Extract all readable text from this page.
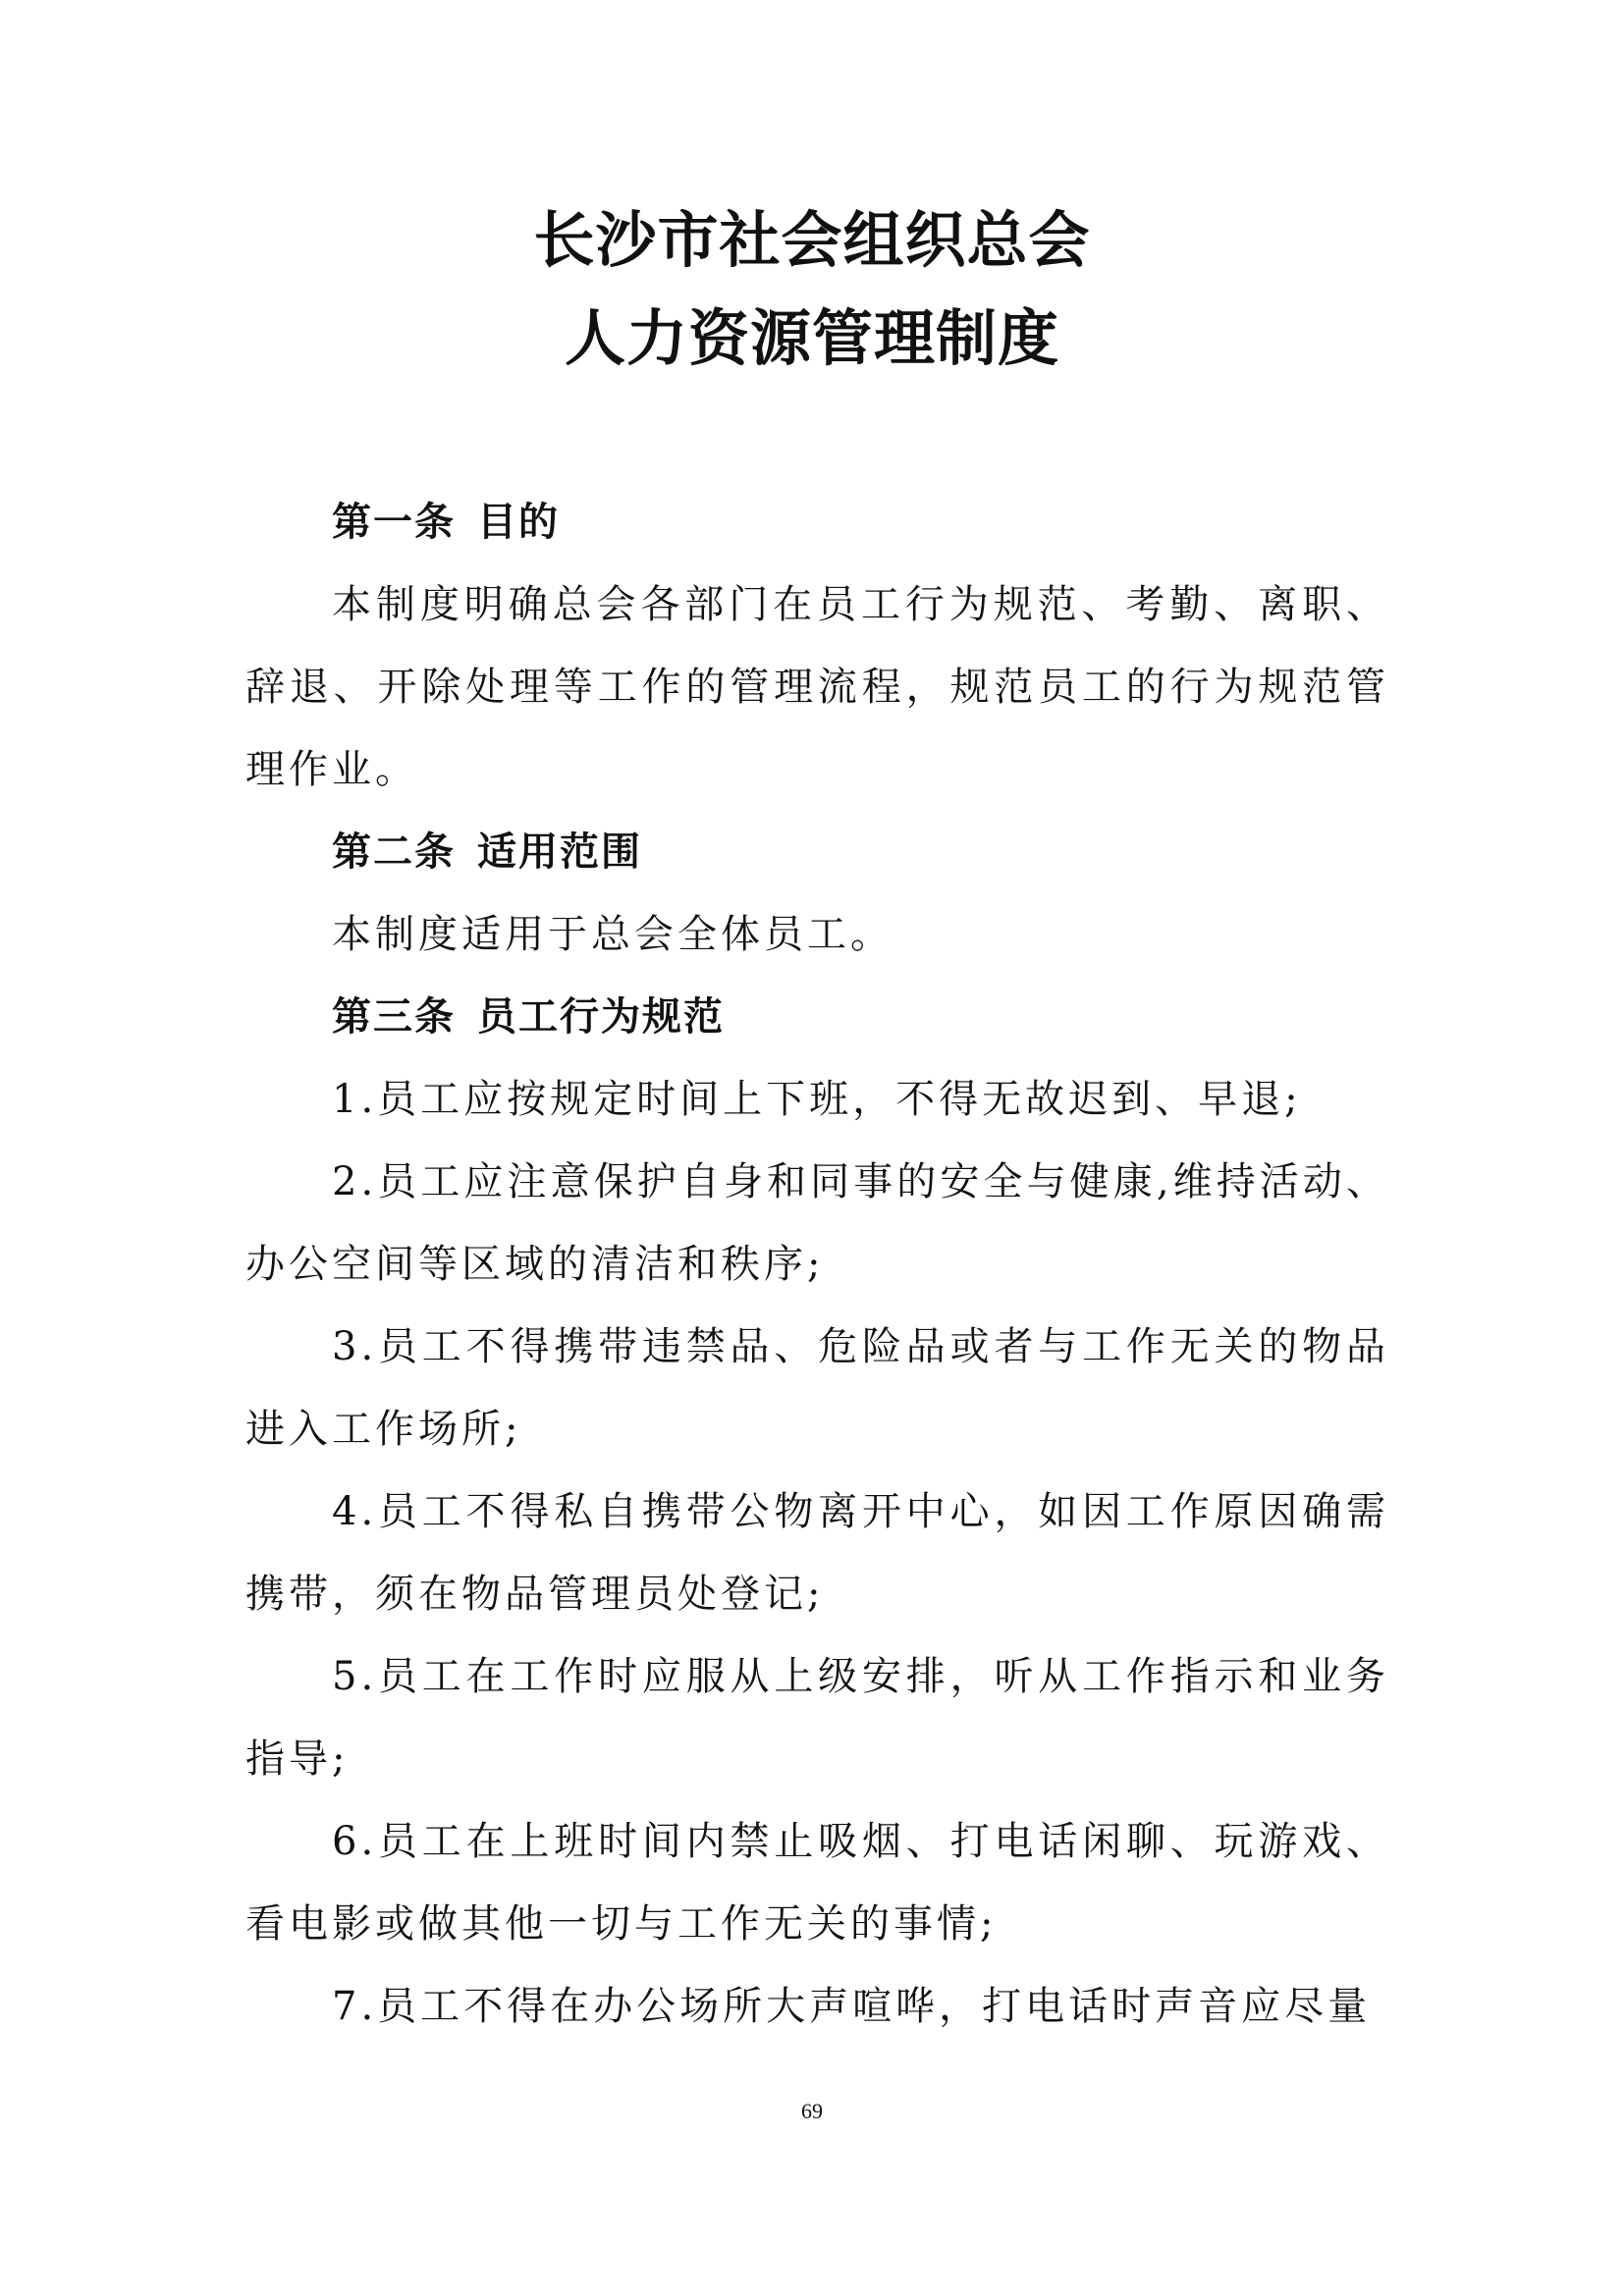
长沙市社会组织总会
人力资源管理制度
第一条 目的

本制度明确总会各部门在员工行为规范、考勤、离职、辞退、开除处理等工作的管理流程，规范员工的行为规范管理作业。

第二条 适用范围

本制度适用于总会全体员工。

第三条 员工行为规范

1.员工应按规定时间上下班，不得无故迟到、早退;

2.员工应注意保护自身和同事的安全与健康,维持活动、办公空间等区域的清洁和秩序;

3.员工不得携带违禁品、危险品或者与工作无关的物品进入工作场所;

4.员工不得私自携带公物离开中心，如因工作原因确需携带，须在物品管理员处登记;

5.员工在工作时应服从上级安排，听从工作指示和业务指导;

6.员工在上班时间内禁止吸烟、打电话闲聊、玩游戏、看电影或做其他一切与工作无关的事情;

7.员工不得在办公场所大声喧哗，打电话时声音应尽量

69
